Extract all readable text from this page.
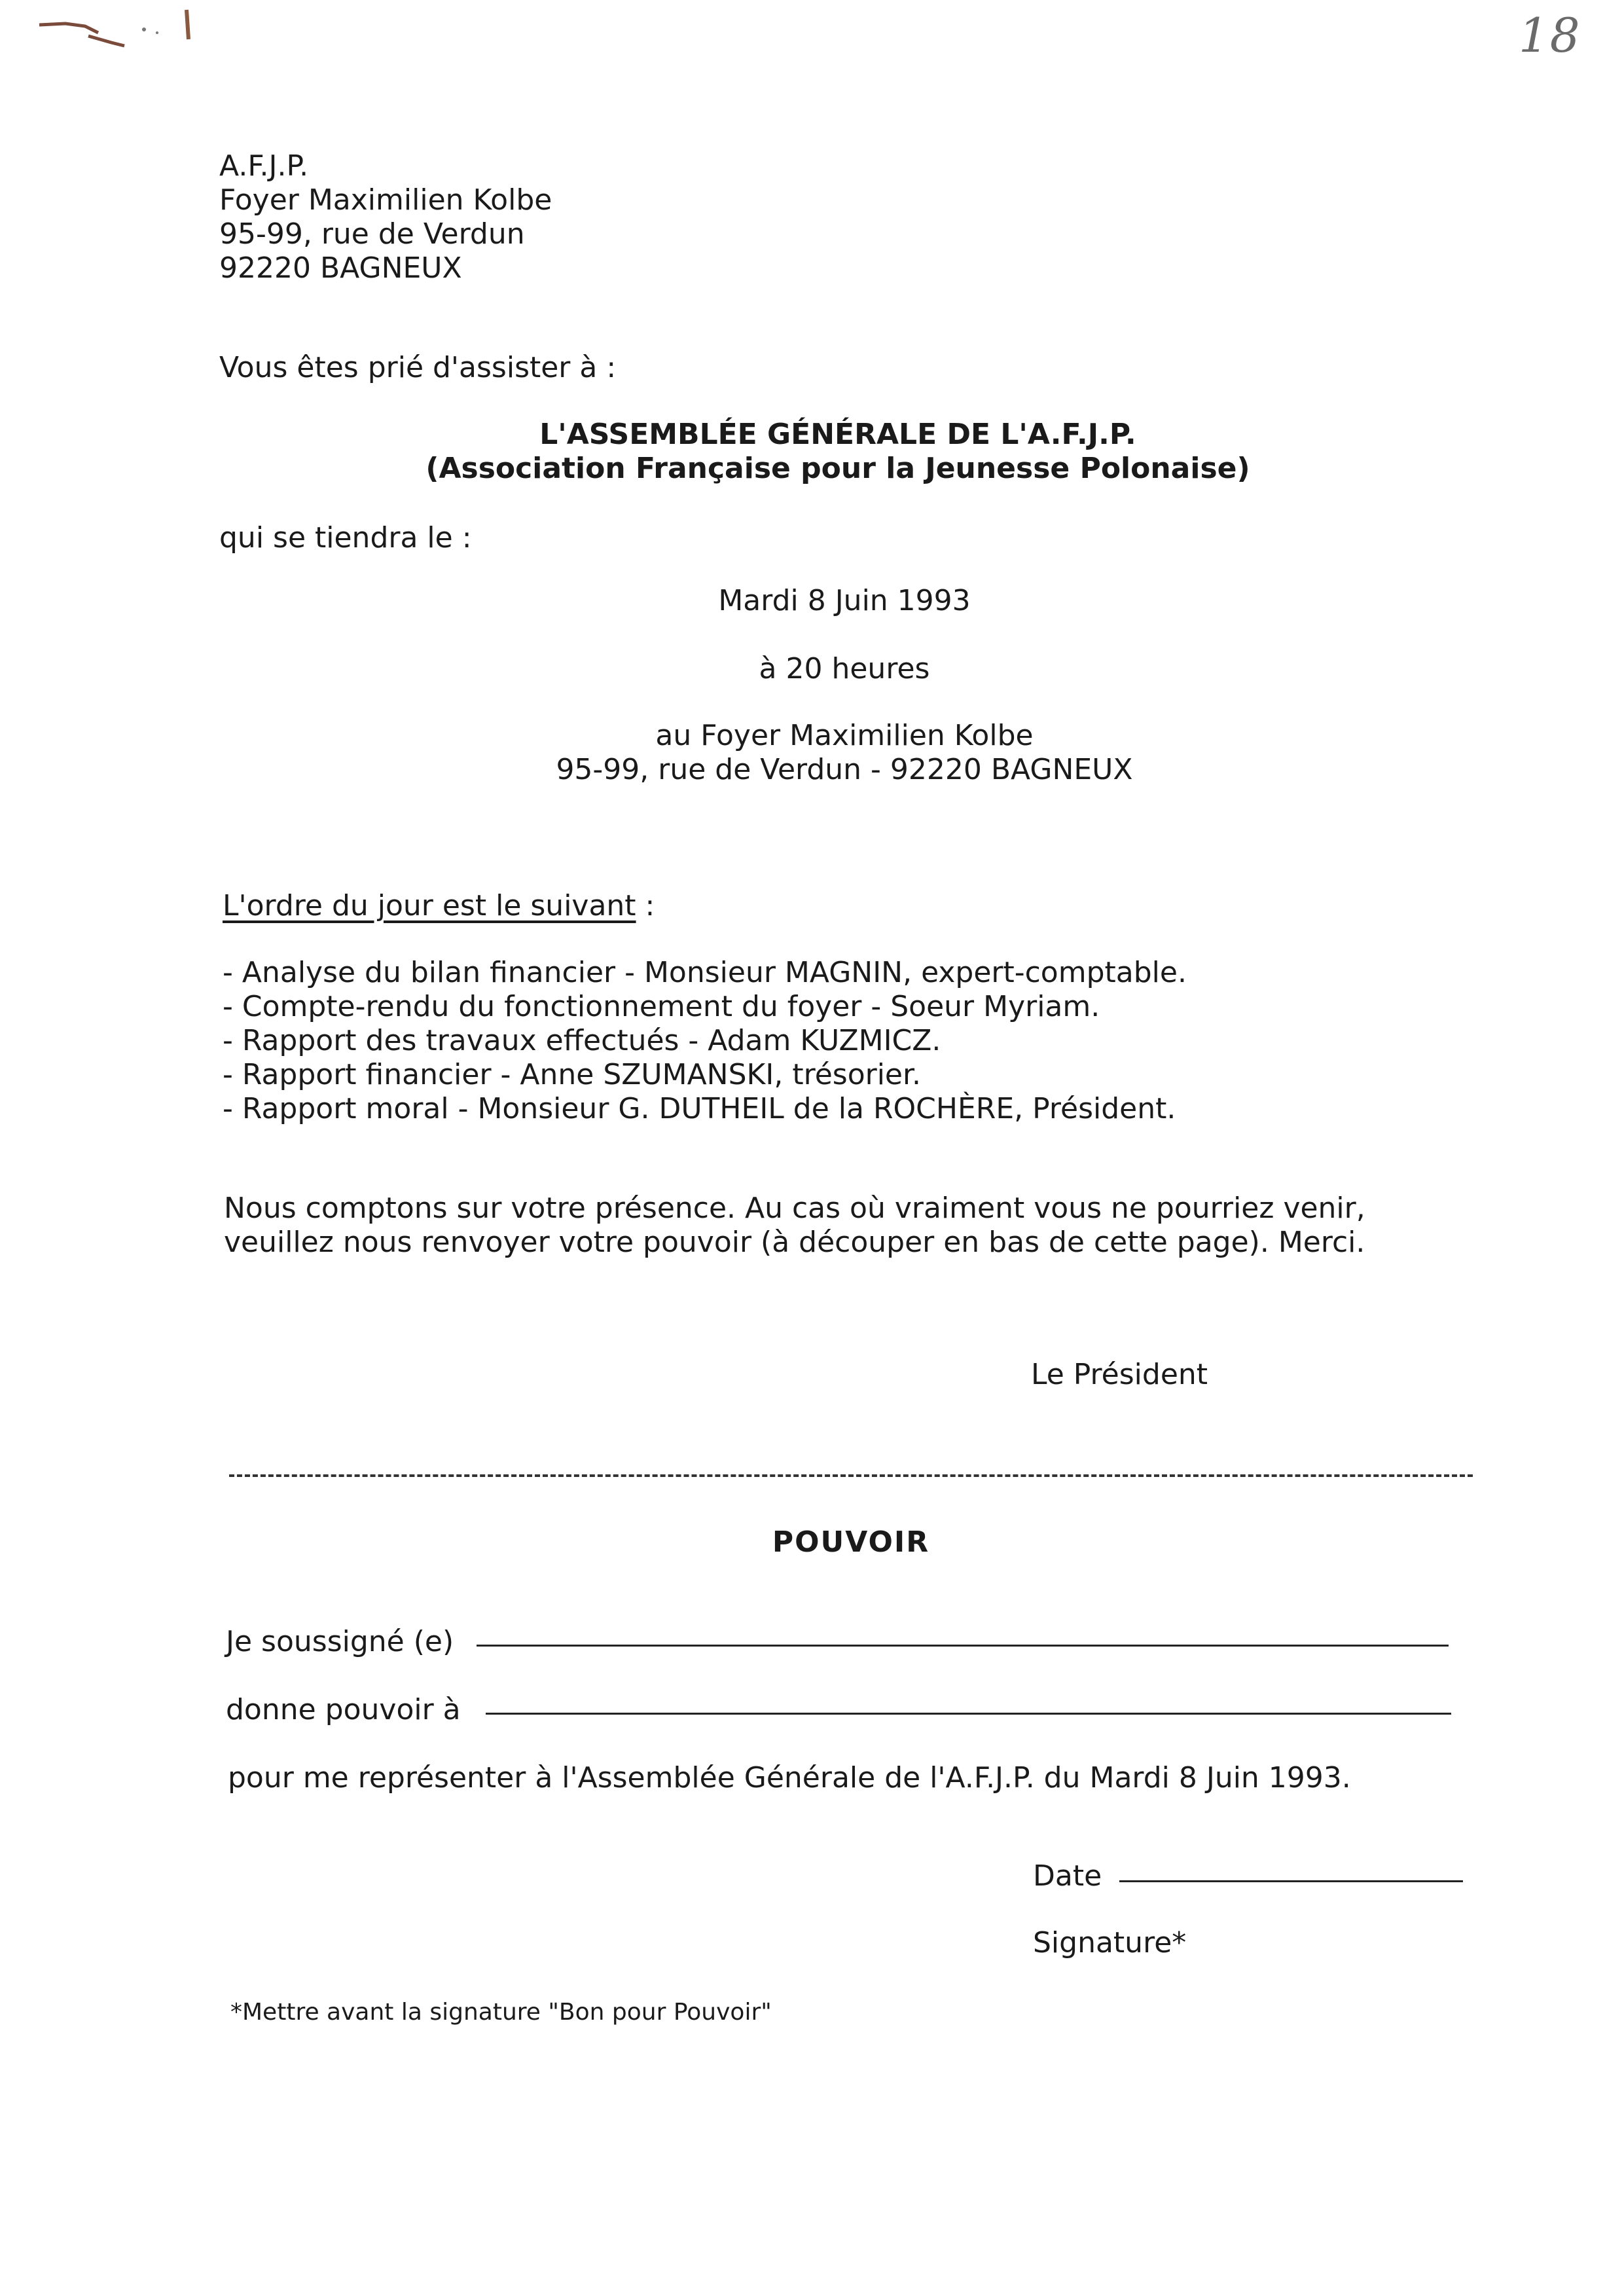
18
A.F.J.P.
Foyer Maximilien Kolbe
95-99, rue de Verdun
92220 BAGNEUX
Vous êtes prié d'assister à :
L'ASSEMBLÉE GÉNÉRALE DE L'A.F.J.P.
(Association Française pour la Jeunesse Polonaise)
qui se tiendra le :
Mardi 8 Juin 1993
à 20 heures
au Foyer Maximilien Kolbe
95-99, rue de Verdun - 92220 BAGNEUX
L'ordre du jour est le suivant :
- Analyse du bilan financier - Monsieur MAGNIN, expert-comptable.
- Compte-rendu du fonctionnement du foyer - Soeur Myriam.
- Rapport des travaux effectués - Adam KUZMICZ.
- Rapport financier - Anne SZUMANSKI, trésorier.
- Rapport moral - Monsieur G. DUTHEIL de la ROCHÈRE, Président.
Nous comptons sur votre présence. Au cas où vraiment vous ne pourriez venir,
veuillez nous renvoyer votre pouvoir (à découper en bas de cette page). Merci.
Le Président
POUVOIR
Je soussigné (e)
donne pouvoir à
pour me représenter à l'Assemblée Générale de l'A.F.J.P. du Mardi 8 Juin 1993.
Date
Signature*
*Mettre avant la signature "Bon pour Pouvoir"
